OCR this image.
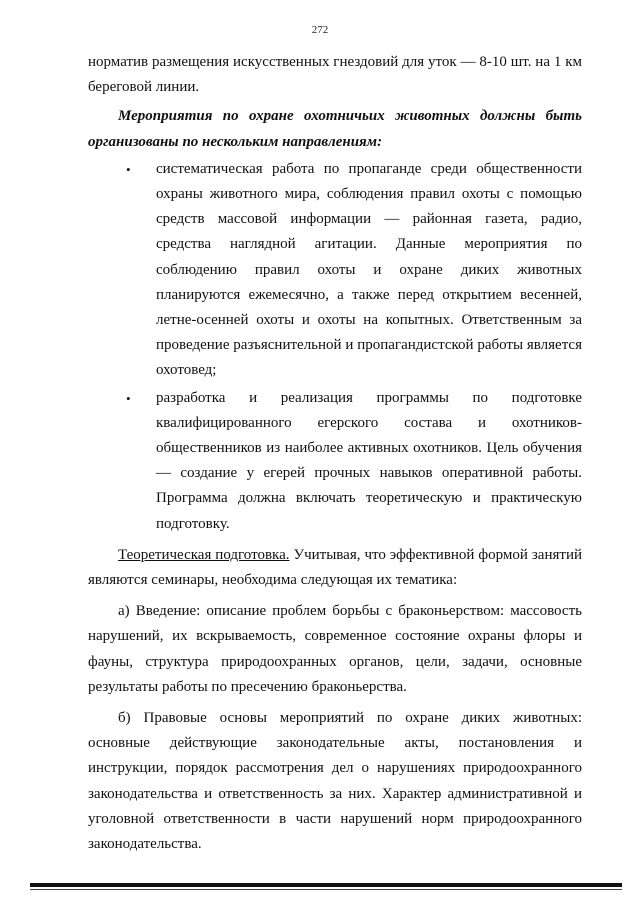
272

норматив размещения искусственных гнездовий для уток — 8-10 шт. на 1 км береговой линии.

Мероприятия по охране охотничьих животных должны быть организованы по нескольким направлениям:

• систематическая работа по пропаганде среди общественности охраны животного мира, соблюдения правил охоты с помощью средств массовой информации — районная газета, радио, средства наглядной агитации. Данные мероприятия по соблюдению правил охоты и охране диких животных планируются ежемесячно, а также перед открытием весенней, летне-осенней охоты и охоты на копытных. Ответственным за проведение разъяснительной и пропагандистской работы является охотовед;
• разработка и реализация программы по подготовке квалифицированного егерского состава и охотников-общественников из наиболее активных охотников. Цель обучения — создание у егерей прочных навыков оперативной работы. Программа должна включать теоретическую и практическую подготовку.

Теоретическая подготовка. Учитывая, что эффективной формой занятий являются семинары, необходима следующая их тематика:

а) Введение: описание проблем борьбы с браконьерством: массовость нарушений, их вскрываемость, современное состояние охраны флоры и фауны, структура природоохранных органов, цели, задачи, основные результаты работы по пресечению браконьерства.

б) Правовые основы мероприятий по охране диких животных: основные действующие законодательные акты, постановления и инструкции, порядок рассмотрения дел о нарушениях природоохранного законодательства и ответственность за них. Характер административной и уголовной ответственности в части нарушений норм природоохранного законодательства.
